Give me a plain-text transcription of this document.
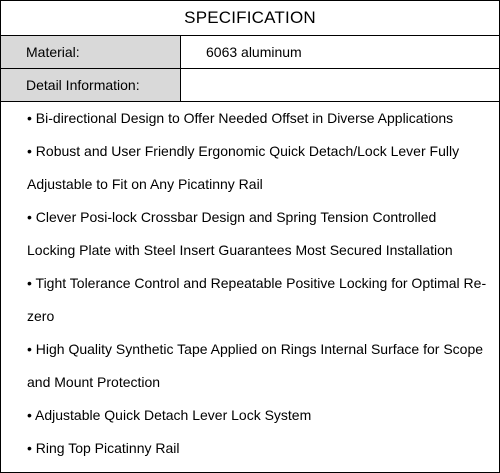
SPECIFICATION
Material:	6063 aluminum
Detail Information:
• Bi-directional Design to Offer Needed Offset in Diverse Applications
• Robust and User Friendly Ergonomic Quick Detach/Lock Lever Fully Adjustable to Fit on Any Picatinny Rail
• Clever Posi-lock Crossbar Design and Spring Tension Controlled Locking Plate with Steel Insert Guarantees Most Secured Installation
• Tight Tolerance Control and Repeatable Positive Locking for Optimal Re-zero
• High Quality Synthetic Tape Applied on Rings Internal Surface for Scope and Mount Protection
• Adjustable Quick Detach Lever Lock System
• Ring Top Picatinny Rail
